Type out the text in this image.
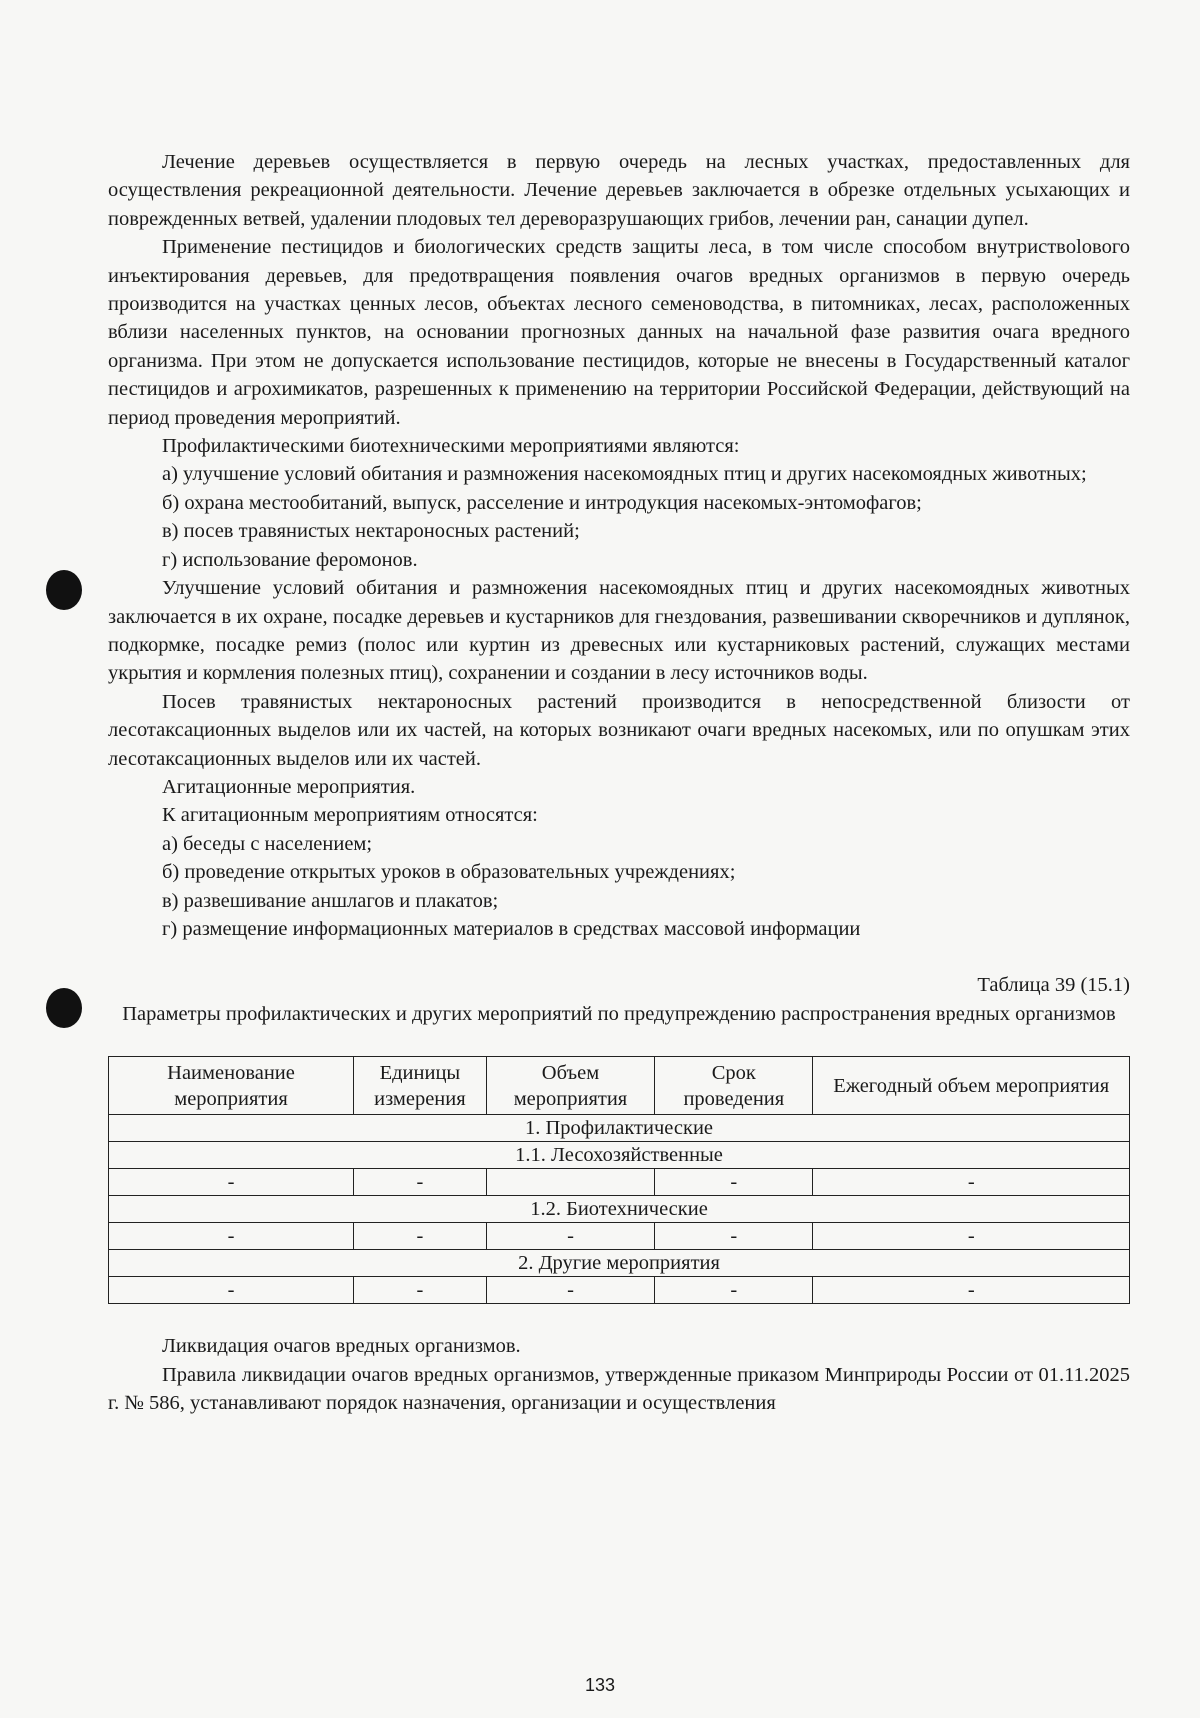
Лечение деревьев осуществляется в первую очередь на лесных участках, предоставленных для осуществления рекреационной деятельности. Лечение деревьев заключается в обрезке отдельных усыхающих и поврежденных ветвей, удалении плодовых тел дереворазрушающих грибов, лечении ран, санации дупел.

Применение пестицидов и биологических средств защиты леса, в том числе способом внутриствolового инъектирования деревьев, для предотвращения появления очагов вредных организмов в первую очередь производится на участках ценных лесов, объектах лесного семеноводства, в питомниках, лесах, расположенных вблизи населенных пунктов, на основании прогнозных данных на начальной фазе развития очага вредного организма. При этом не допускается использование пестицидов, которые не внесены в Государственный каталог пестицидов и агрохимикатов, разрешенных к применению на территории Российской Федерации, действующий на период проведения мероприятий.

Профилактическими биотехническими мероприятиями являются:

а) улучшение условий обитания и размножения насекомоядных птиц и других насекомоядных животных;

б) охрана местообитаний, выпуск, расселение и интродукция насекомых-энтомофагов;

в) посев травянистых нектароносных растений;

г) использование феромонов.

Улучшение условий обитания и размножения насекомоядных птиц и других насекомоядных животных заключается в их охране, посадке деревьев и кустарников для гнездования, развешивании скворечников и дуплянок, подкормке, посадке ремиз (полос или куртин из древесных или кустарниковых растений, служащих местами укрытия и кормления полезных птиц), сохранении и создании в лесу источников воды.

Посев травянистых нектароносных растений производится в непосредственной близости от лесотаксационных выделов или их частей, на которых возникают очаги вредных насекомых, или по опушкам этих лесотаксационных выделов или их частей.

Агитационные мероприятия.

К агитационным мероприятиям относятся:

а) беседы с населением;

б) проведение открытых уроков в образовательных учреждениях;

в) развешивание аншлагов и плакатов;

г) размещение информационных материалов в средствах массовой информации

Таблица 39 (15.1)

Параметры профилактических и других мероприятий по предупреждению распространения вредных организмов

Наименование мероприятия	Единицы измерения	Объем мероприятия	Срок проведения	Ежегодный объем мероприятия
1. Профилактические				
1.1. Лесохозяйственные				
-	-		-	-
1.2. Биотехнические				
-	-	-	-	-
2. Другие мероприятия				
-	-	-	-	-

Ликвидация очагов вредных организмов.

Правила ликвидации очагов вредных организмов, утвержденные приказом Минприроды России от 01.11.2025 г. № 586, устанавливают порядок назначения, организации и осуществления

133
